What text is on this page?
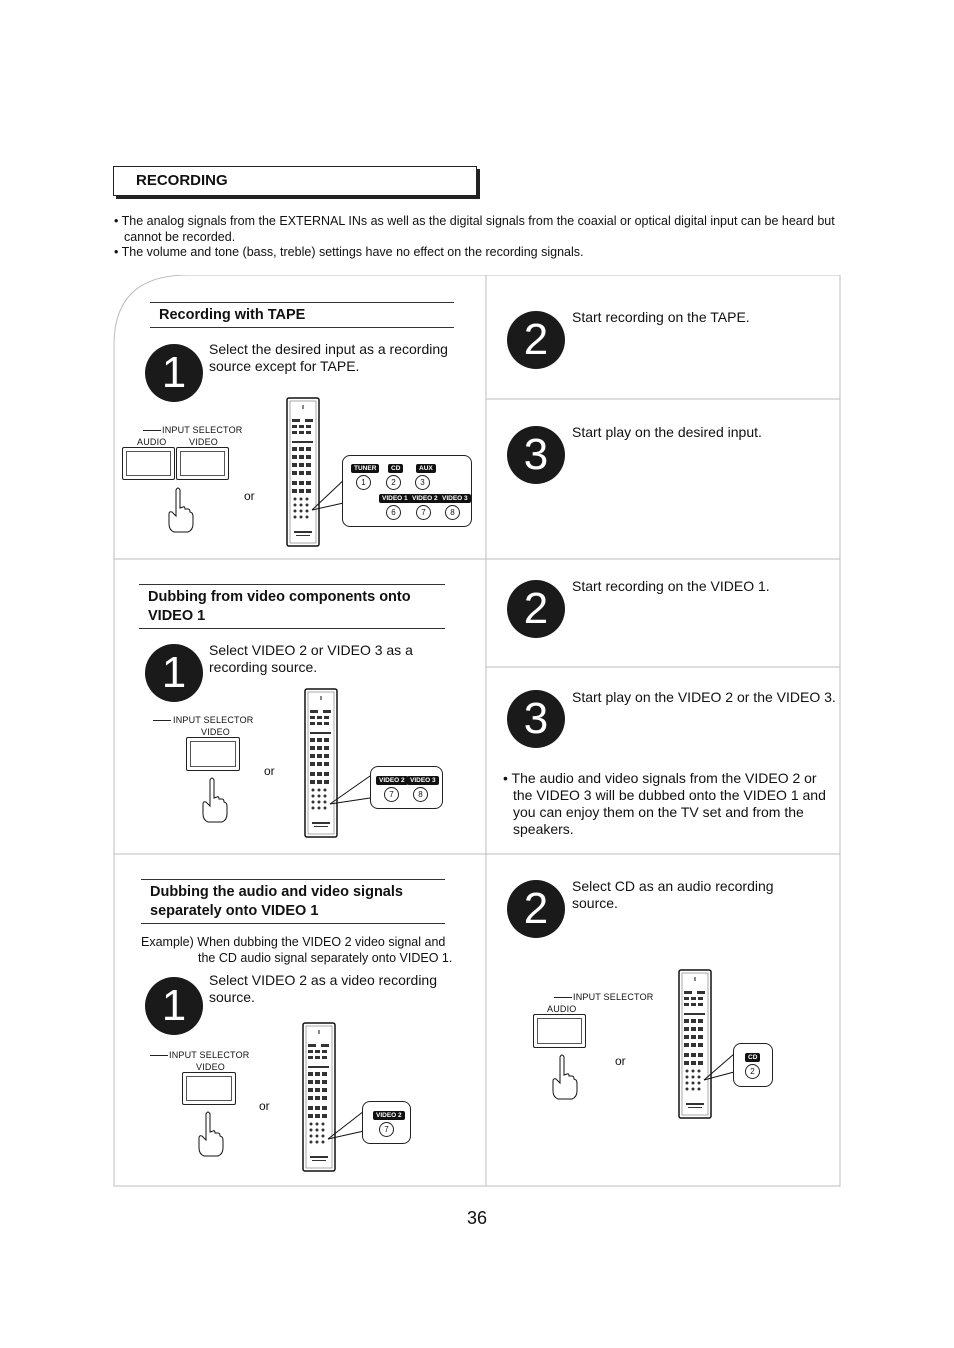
RECORDING

• The analog signals from the EXTERNAL INs as well as the digital signals from the coaxial or optical digital input can be heard but cannot be recorded.

• The volume and tone (bass, treble) settings have no effect on the recording signals.

Recording with TAPE
1	Select the desired input as a recording source except for TAPE.
INPUT SELECTOR
AUDIO VIDEO
or
TUNER	CD	AUX
1	2	3
VIDEO 1 VIDEO 2 VIDEO 3
6	7	8
2	Start recording on the TAPE.
3	Start play on the desired input.
Dubbing from video components onto VIDEO 1
1	Select VIDEO 2 or VIDEO 3 as a recording source.
INPUT SELECTOR
VIDEO
or
VIDEO 2 VIDEO 3
7	8
2	Start recording on the VIDEO 1.
3	Start play on the VIDEO 2 or the VIDEO 3.
• The audio and video signals from the VIDEO 2 or the VIDEO 3 will be dubbed onto the VIDEO 1 and you can enjoy them on the TV set and from the speakers.
Dubbing the audio and video signals separately onto VIDEO 1
Example) When dubbing the VIDEO 2 video signal and
the CD audio signal separately onto VIDEO 1.
1
Select VIDEO 2 as a video recording source.
INPUT SELECTOR
VIDEO
or
VIDEO 2
7
2	Select CD as an audio recording source.
INPUT SELECTOR
AUDIO
or	CD
2
36
